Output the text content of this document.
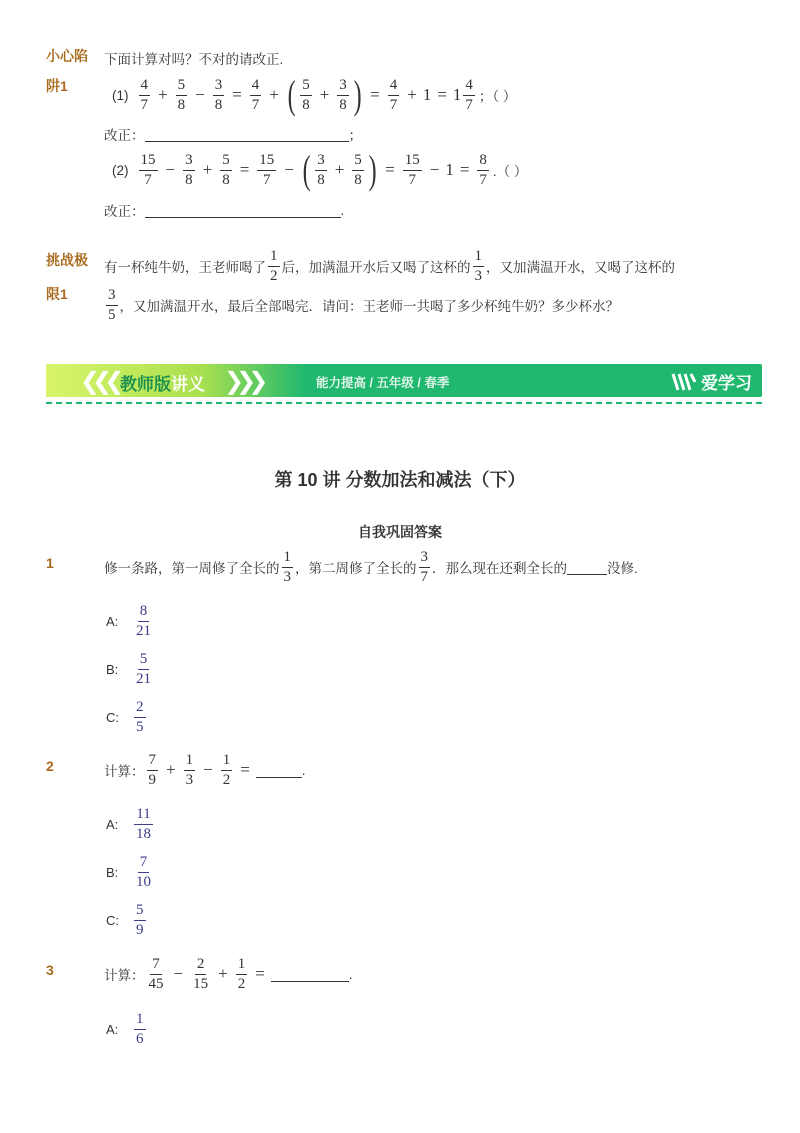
小心陷
阱1
下面计算对吗？不对的请改正.
$(1) \frac{4}{7} + \frac{5}{8} - \frac{3}{8} = \frac{4}{7}$ + ( $\frac{5}{8} + \frac{3}{8}$ ) = $\frac{4}{7} + 1 = 1 \frac{4}{7}$ ；（ ）
改正：	；
$(2) \frac{15}{7} - \frac{3}{8} + \frac{5}{8} = \frac{15}{7}$ − ( $\frac{3}{8} + \frac{5}{8}$ ) = $\frac{15}{7} - 1 = \frac{8}{7}$ .（ ）
改正：	.
挑战极
限1
有一杯纯牛奶，王老师喝了 $\frac{1}{2}$ 后，加满温开水后又喝了这杯的 $\frac{1}{3}$ ，又加满温开水，又喝了这杯的
$\frac{3}{5}$ ，又加满温开水，最后全部喝完．请问：王老师一共喝了多少杯纯牛奶？多少杯水？
❮❮❮ 教师版讲义 ❯❯❯	能力提高 / 五年级 / 春季	爱学习
第 10 讲 分数加法和减法（下）
自我巩固答案
1	修一条路，第一周修了全长的 $\frac{1}{3}$ ，第二周修了全长的 $\frac{3}{7}$ ．那么现在还剩全长的	没修.
A:	$\frac{8}{21}$
B:	$\frac{5}{21}$
C:	$\frac{2}{5}$
2	计算： $\frac{7}{9} + \frac{1}{3} - \frac{1}{2}$ =	.
A:	$\frac{11}{18}$
B:	$\frac{7}{10}$
C:	$\frac{5}{9}$
3	计算： $\frac{7}{45} - \frac{2}{15} + \frac{1}{2}$ =	.
A:	$\frac{1}{6}$
